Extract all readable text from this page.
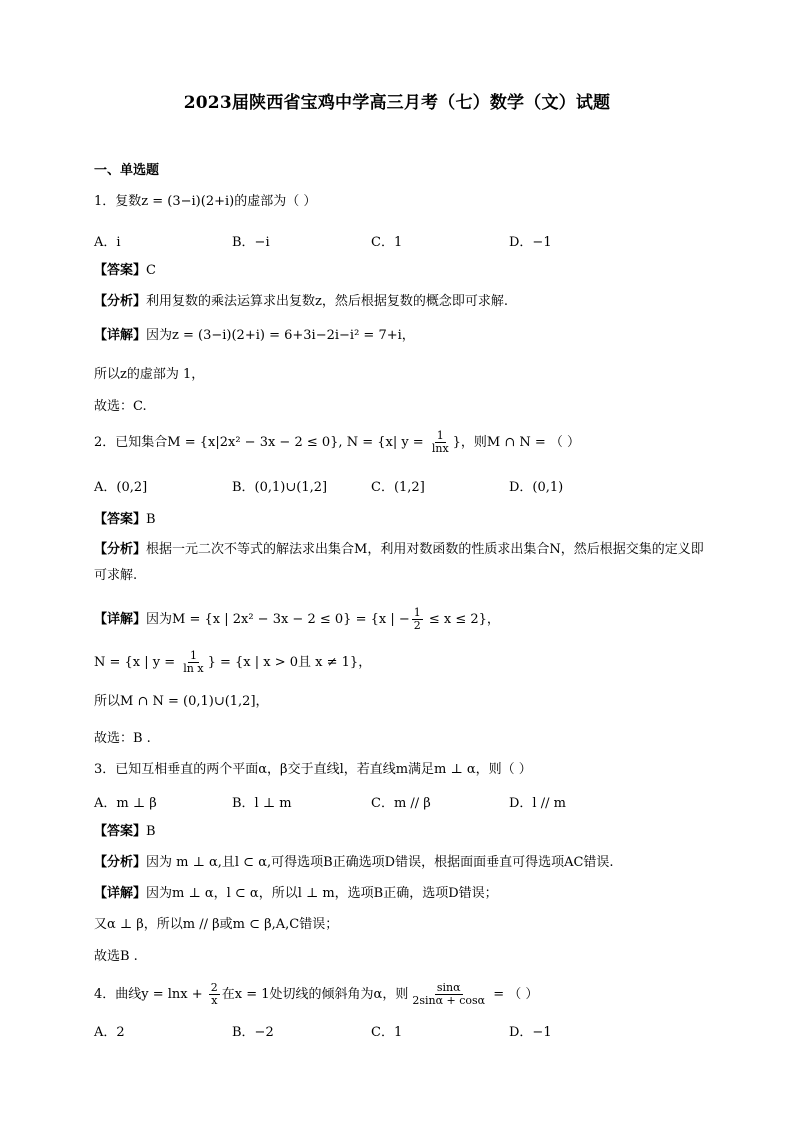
2023届陕西省宝鸡中学高三月考（七）数学（文）试题
一、单选题
1．复数z = (3−i)(2+i)的虚部为（ ）
A．i	B．−i	C．1	D．−1
【答案】C
【分析】利用复数的乘法运算求出复数z，然后根据复数的概念即可求解.
【详解】因为z = (3−i)(2+i) = 6+3i−2i−i² = 7+i，
所以z的虚部为 1，
故选：C.
2．已知集合M = {x|2x² − 3x − 2 ≤ 0}, N = {x| $y = \frac{1}{\ln x}$ }，则M ∩ N = （ ）
A．(0,2]	B．(0,1)∪(1,2]	C．(1,2]	D．(0,1)
【答案】B
【分析】根据一元二次不等式的解法求出集合M，利用对数函数的性质求出集合N，然后根据交集的定义即可求解.
【详解】因为M = {x | 2x² − 3x − 2 ≤ 0} = {x | − $\frac{1}{2} \le x \le 2$}，
N = {x | $y = \frac{1}{\text{ln x}}$ } = {x | x > 0且 x ≠ 1}，
所以M ∩ N = (0,1)∪(1,2]，
故选：B .
3．已知互相垂直的两个平面α，β交于直线l，若直线m满足m ⊥ α，则（ ）
A．m ⊥ β	B．l ⊥ m	C．m // β	D．l // m
【答案】B
【分析】因为 m ⊥ α,且l ⊂ α,可得选项B正确选项D错误，根据面面垂直可得选项AC错误.
【详解】因为m ⊥ α，l ⊂ α，所以l ⊥ m，选项B正确，选项D错误；
又α ⊥ β，所以m // β或m ⊂ β,A,C错误；
故选B .
4．曲线$y = \ln x + \frac{2}{x}$ 在x = 1处切线的倾斜角为α，则 $\frac{\sin\alpha}{2\sin\alpha + \cos\alpha}$ = （ ）
A．2	B．−2	C．1	D．−1
